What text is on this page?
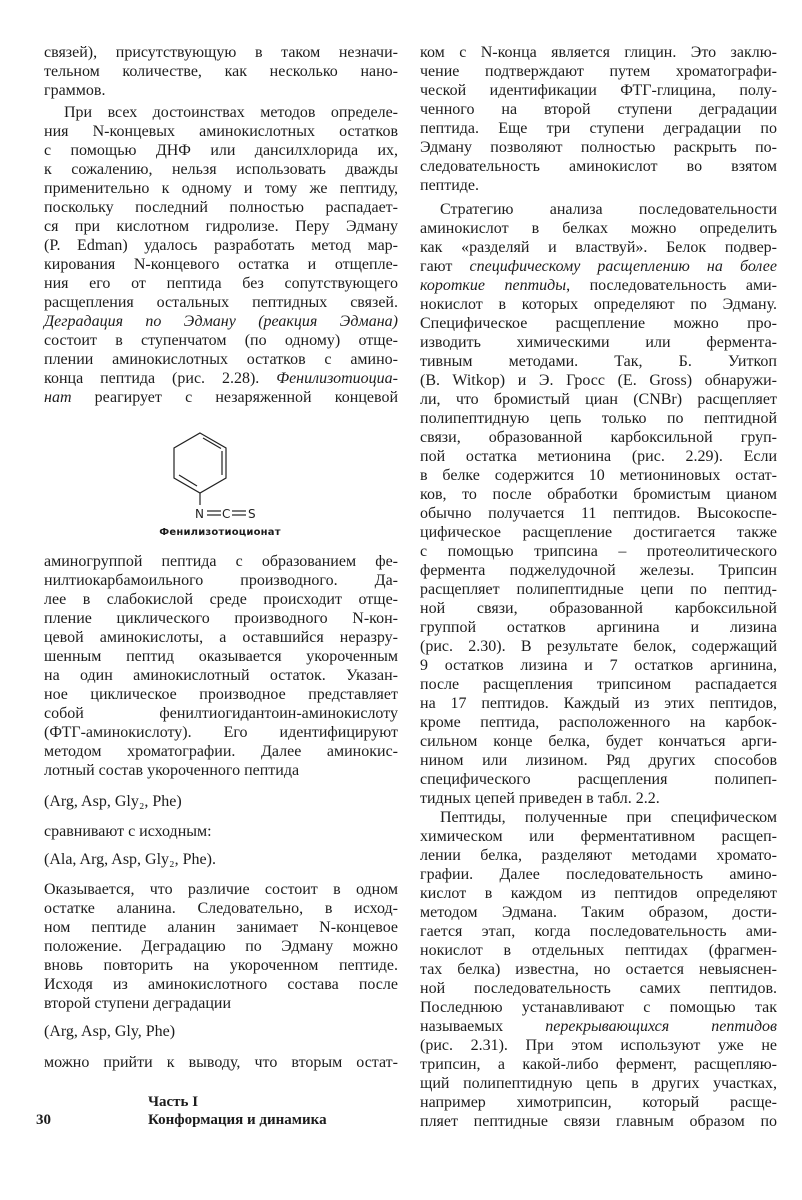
связей), присутствующую в таком незначи-
тельном количестве, как несколько нано-
граммов.
При всех достоинствах методов определе-
ния N-концевых аминокислотных остатков
с помощью ДНФ или дансилхлорида их,
к сожалению, нельзя использовать дважды
применительно к одному и тому же пептиду,
поскольку последний полностью распадает-
ся при кислотном гидролизе. Перу Эдману
(P. Edman) удалось разработать метод мар-
кирования N-концевого остатка и отщепле-
ния его от пептида без сопутствующего
расщепления остальных пептидных связей.
Деградация по Эдману (реакция Эдмана)
состоит в ступенчатом (по одному) отще-
плении аминокислотных остатков с амино-
конца пептида (рис. 2.28). Фенилизотиоциа-
нат реагирует с незаряженной концевой
аминогруппой пептида с образованием фе-
нилтиокарбамоильного производного. Да-
лее в слабокислой среде происходит отще-
пление циклического производного N-кон-
цевой аминокислоты, а оставшийся неразру-
шенным пептид оказывается укороченным
на один аминокислотный остаток. Указан-
ное циклическое производное представляет
собой фенилтиогидантоин-аминокислоту
(ФТГ-аминокислоту). Его идентифицируют
методом хроматографии. Далее аминокис-
лотный состав укороченного пептида
(Arg, Asp, Gly₂, Phe)
сравнивают с исходным:
(Ala, Arg, Asp, Gly₂, Phe).
Оказывается, что различие состоит в одном
остатке аланина. Следовательно, в исход-
ном пептиде аланин занимает N-концевое
положение. Деградацию по Эдману можно
вновь повторить на укороченном пептиде.
Исходя из аминокислотного состава после
второй ступени деградации
(Arg, Asp, Gly, Phe)
можно прийти к выводу, что вторым остат-
ком с N-конца является глицин. Это заклю-
чение подтверждают путем хроматографи-
ческой идентификации ФТГ-глицина, полу-
ченного на второй ступени деградации
пептида. Еще три ступени деградации по
Эдману позволяют полностью раскрыть по-
следовательность аминокислот во взятом
пептиде.
Стратегию анализа последовательности
аминокислот в белках можно определить
как «разделяй и властвуй». Белок подвер-
гают специфическому расщеплению на более
короткие пептиды, последовательность ами-
нокислот в которых определяют по Эдману.
Специфическое расщепление можно про-
изводить химическими или фермента-
тивным методами. Так, Б. Уиткоп
(B. Witkop) и Э. Гросс (E. Gross) обнаружи-
ли, что бромистый циан (CNBr) расщепляет
полипептидную цепь только по пептидной
связи, образованной карбоксильной груп-
пой остатка метионина (рис. 2.29). Если
в белке содержится 10 метиониновых остат-
ков, то после обработки бромистым цианом
обычно получается 11 пептидов. Высокоспе-
цифическое расщепление достигается также
с помощью трипсина – протеолитического
фермента поджелудочной железы. Трипсин
расщепляет полипептидные цепи по пептид-
ной связи, образованной карбоксильной
группой остатков аргинина и лизина
(рис. 2.30). В результате белок, содержащий
9 остатков лизина и 7 остатков аргинина,
после расщепления трипсином распадается
на 17 пептидов. Каждый из этих пептидов,
кроме пептида, расположенного на карбок-
сильном конце белка, будет кончаться арги-
нином или лизином. Ряд других способов
специфического расщепления полипеп-
тидных цепей приведен в табл. 2.2.
Пептиды, полученные при специфическом
химическом или ферментативном расщеп-
лении белка, разделяют методами хромато-
графии. Далее последовательность амино-
кислот в каждом из пептидов определяют
методом Эдмана. Таким образом, дости-
гается этап, когда последовательность ами-
нокислот в отдельных пептидах (фрагмен-
тах белка) известна, но остается невыяснен-
ной последовательность самих пептидов.
Последнюю устанавливают с помощью так
называемых перекрывающихся пептидов
(рис. 2.31). При этом используют уже не
трипсин, а какой-либо фермент, расщепляю-
щий полипептидную цепь в других участках,
например химотрипсин, который расще-
пляет пептидные связи главным образом по
N C S
Фенилизотиоционат
Часть I
30	Конформация и динамика
